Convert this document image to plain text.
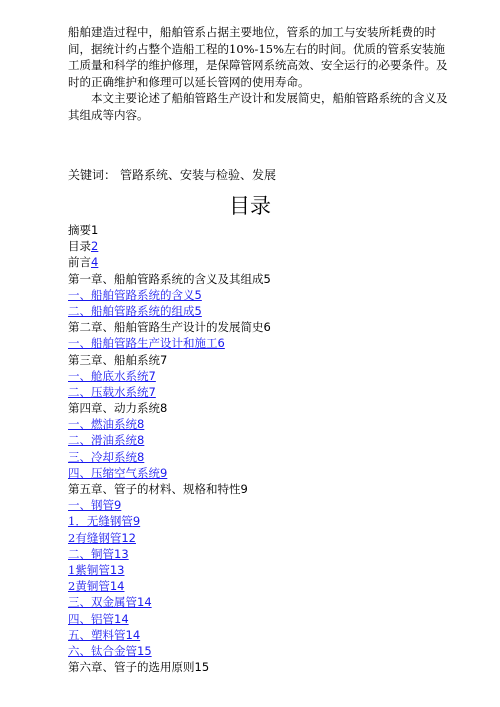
船舶建造过程中，船舶管系占据主要地位，管系的加工与安装所耗费的时间，据统计约占整个造船工程的10%-15%左右的时间。优质的管系安装施工质量和科学的维护修理，是保障管网系统高效、安全运行的必要条件。及时的正确维护和修理可以延长管网的使用寿命。

本文主要论述了船舶管路生产设计和发展简史，船舶管路系统的含义及其组成等内容。

关键词： 管路系统、安装与检验、发展
目录
摘要1
目录2
前言4
第一章、船舶管路系统的含义及其组成5
一、船舶管路系统的含义5
二、船舶管路系统的组成5
第二章、船舶管路生产设计的发展简史6
一、船舶管路生产设计和施工6
第三章、船舶系统7
一、舱底水系统7
二、压载水系统7
第四章、动力系统8
一、燃油系统8
二、滑油系统8
三、冷却系统8
四、压缩空气系统9
第五章、管子的材料、规格和特性9
一、钢管9
1．无缝钢管9
2有缝钢管12
二、铜管13
1紫铜管13
2黄铜管14
三、双金属管14
四、铝管14
五、塑料管14
六、钛合金管15
第六章、管子的选用原则15
